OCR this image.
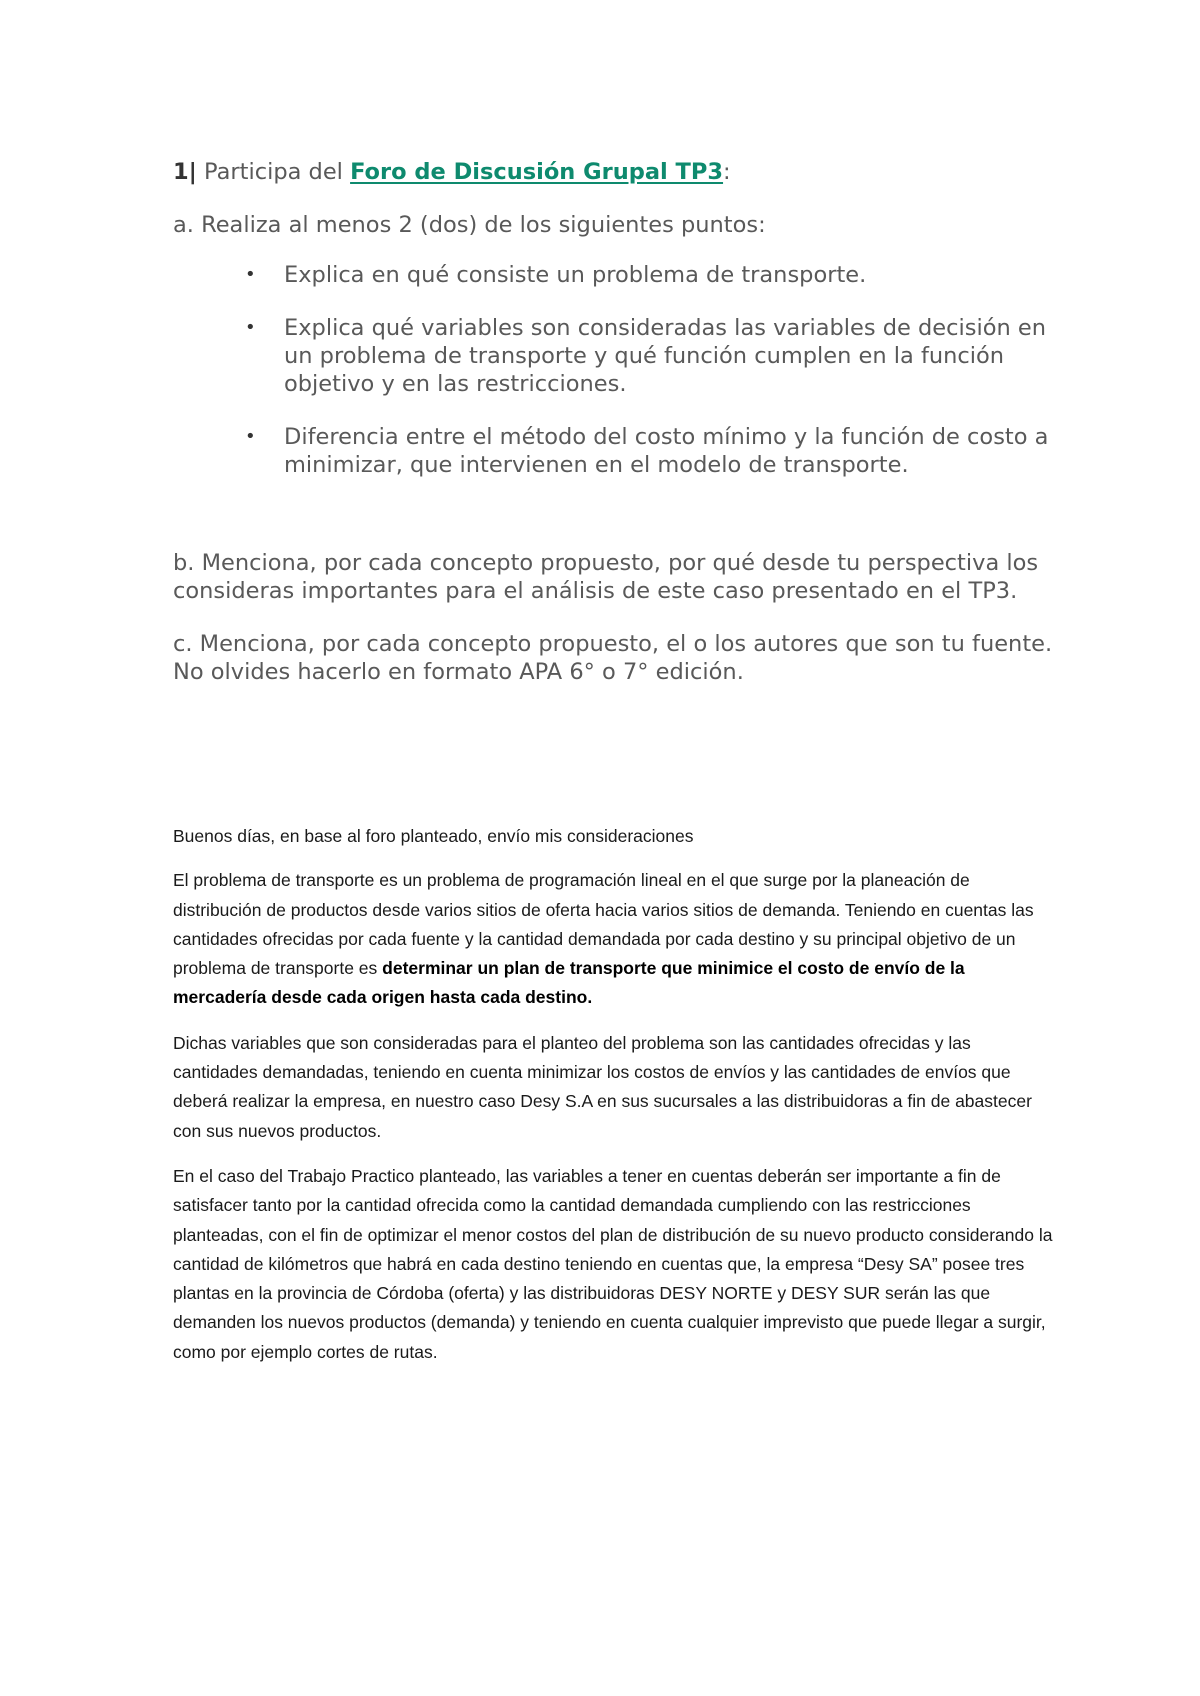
1| Participa del Foro de Discusión Grupal TP3:

a. Realiza al menos 2 (dos) de los siguientes puntos:

• Explica en qué consiste un problema de transporte.
• Explica qué variables son consideradas las variables de decisión en un problema de transporte y qué función cumplen en la función objetivo y en las restricciones.
• Diferencia entre el método del costo mínimo y la función de costo a minimizar, que intervienen en el modelo de transporte.

b. Menciona, por cada concepto propuesto, por qué desde tu perspectiva los consideras importantes para el análisis de este caso presentado en el TP3.

c. Menciona, por cada concepto propuesto, el o los autores que son tu fuente. No olvides hacerlo en formato APA 6° o 7° edición.

Buenos días, en base al foro planteado, envío mis consideraciones

El problema de transporte es un problema de programación lineal en el que surge por la planeación de distribución de productos desde varios sitios de oferta hacia varios sitios de demanda. Teniendo en cuentas las cantidades ofrecidas por cada fuente y la cantidad demandada por cada destino y su principal objetivo de un problema de transporte es determinar un plan de transporte que minimice el costo de envío de la mercadería desde cada origen hasta cada destino.

Dichas variables que son consideradas para el planteo del problema son las cantidades ofrecidas y las cantidades demandadas, teniendo en cuenta minimizar los costos de envíos y las cantidades de envíos que deberá realizar la empresa, en nuestro caso Desy S.A en sus sucursales a las distribuidoras a fin de abastecer con sus nuevos productos.

En el caso del Trabajo Practico planteado, las variables a tener en cuentas deberán ser importante a fin de satisfacer tanto por la cantidad ofrecida como la cantidad demandada cumpliendo con las restricciones planteadas, con el fin de optimizar el menor costos del plan de distribución de su nuevo producto considerando la cantidad de kilómetros que habrá en cada destino teniendo en cuentas que, la empresa “Desy SA” posee tres plantas en la provincia de Córdoba (oferta) y las distribuidoras DESY NORTE y DESY SUR serán las que demanden los nuevos productos (demanda) y teniendo en cuenta cualquier imprevisto que puede llegar a surgir, como por ejemplo cortes de rutas.
